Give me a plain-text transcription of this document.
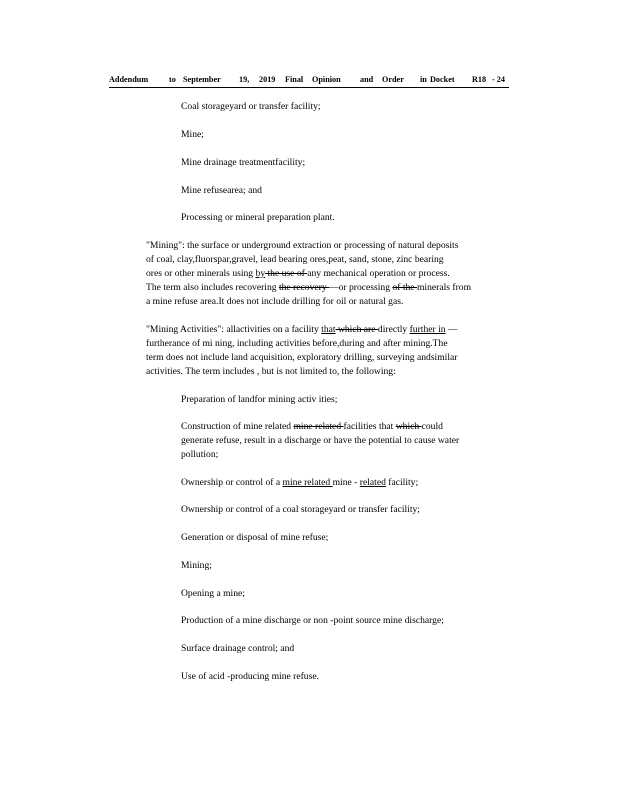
Addendum	to September 19, 2019 Final Opinion and Order in Docket R18 - 24
Coal storageyard or transfer facility;
Mine;
Mine drainage treatmentfacility;
Mine refusearea; and
Processing or mineral preparation plant.
"Mining": the surface or underground extraction or processing of natural deposits
of coal, clay,fluorspar,gravel, lead bearing ores,peat, sand, stone, zinc bearing
ores or other minerals using by the use of any mechanical operation or process.
The term also includes recovering the recovery —or processing of the minerals from
a mine refuse area.It does not include drilling for oil or natural gas.
"Mining Activities": allactivities on a facility that which are directly further in —
furtherance of mi ning, including activities before,during and after mining.The
term does not include land acquisition, exploratory drilling, surveying andsimilar
activities. The term includes , but is not limited to, the following:
Preparation of landfor mining activ ities;
Construction of mine related mine related facilities that which could
generate refuse, result in a discharge or have the potential to cause water
pollution;
Ownership or control of a mine related mine - related facility;
Ownership or control of a coal storageyard or transfer facility;
Generation or disposal of mine refuse;
Mining;
Opening a mine;
Production of a mine discharge or non -point source mine discharge;
Surface drainage control; and
Use of acid -producing mine refuse.
